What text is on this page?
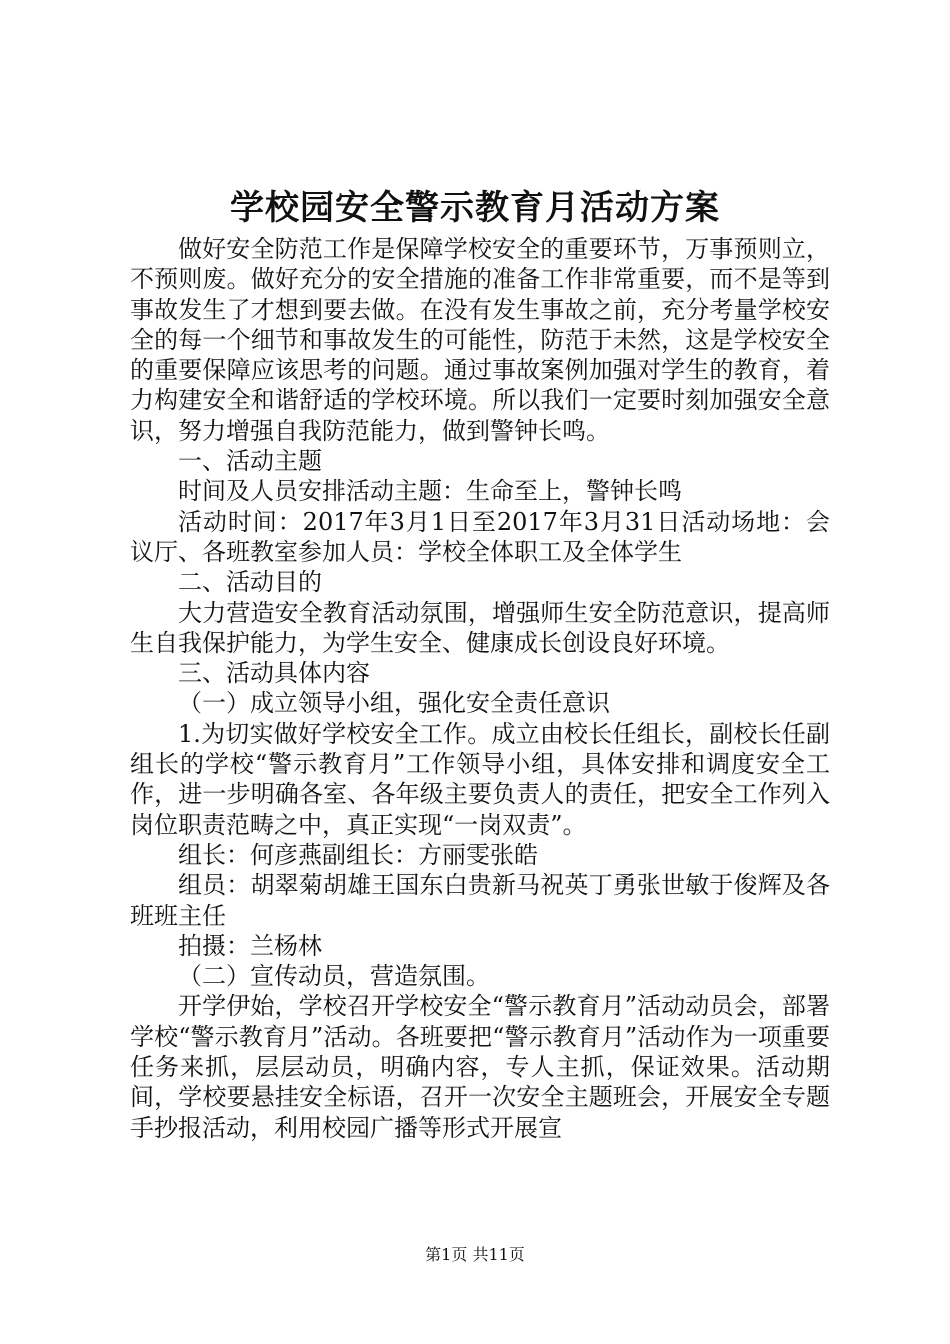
学校园安全警示教育月活动方案

做好安全防范工作是保障学校安全的重要环节，万事预则立，不预则废。做好充分的安全措施的准备工作非常重要，而不是等到事故发生了才想到要去做。在没有发生事故之前，充分考量学校安全的每一个细节和事故发生的可能性，防范于未然，这是学校安全的重要保障应该思考的问题。通过事故案例加强对学生的教育，着力构建安全和谐舒适的学校环境。所以我们一定要时刻加强安全意识，努力增强自我防范能力，做到警钟长鸣。

一、活动主题

时间及人员安排活动主题：生命至上，警钟长鸣

活动时间：2017年3月1日至2017年3月31日活动场地：会议厅、各班教室参加人员：学校全体职工及全体学生

二、活动目的

大力营造安全教育活动氛围，增强师生安全防范意识，提高师生自我保护能力，为学生安全、健康成长创设良好环境。

三、活动具体内容

（一）成立领导小组，强化安全责任意识

1.为切实做好学校安全工作。成立由校长任组长，副校长任副组长的学校“警示教育月”工作领导小组，具体安排和调度安全工作，进一步明确各室、各年级主要负责人的责任，把安全工作列入岗位职责范畴之中，真正实现“一岗双责”。

组长：何彦燕副组长：方丽雯张皓

组员：胡翠菊胡雄王国东白贵新马祝英丁勇张世敏于俊辉及各班班主任

拍摄：兰杨林

（二）宣传动员，营造氛围。

开学伊始，学校召开学校安全“警示教育月”活动动员会，部署学校“警示教育月”活动。各班要把“警示教育月”活动作为一项重要任务来抓，层层动员，明确内容，专人主抓，保证效果。活动期间，学校要悬挂安全标语，召开一次安全主题班会，开展安全专题手抄报活动，利用校园广播等形式开展宣

第1页 共11页
